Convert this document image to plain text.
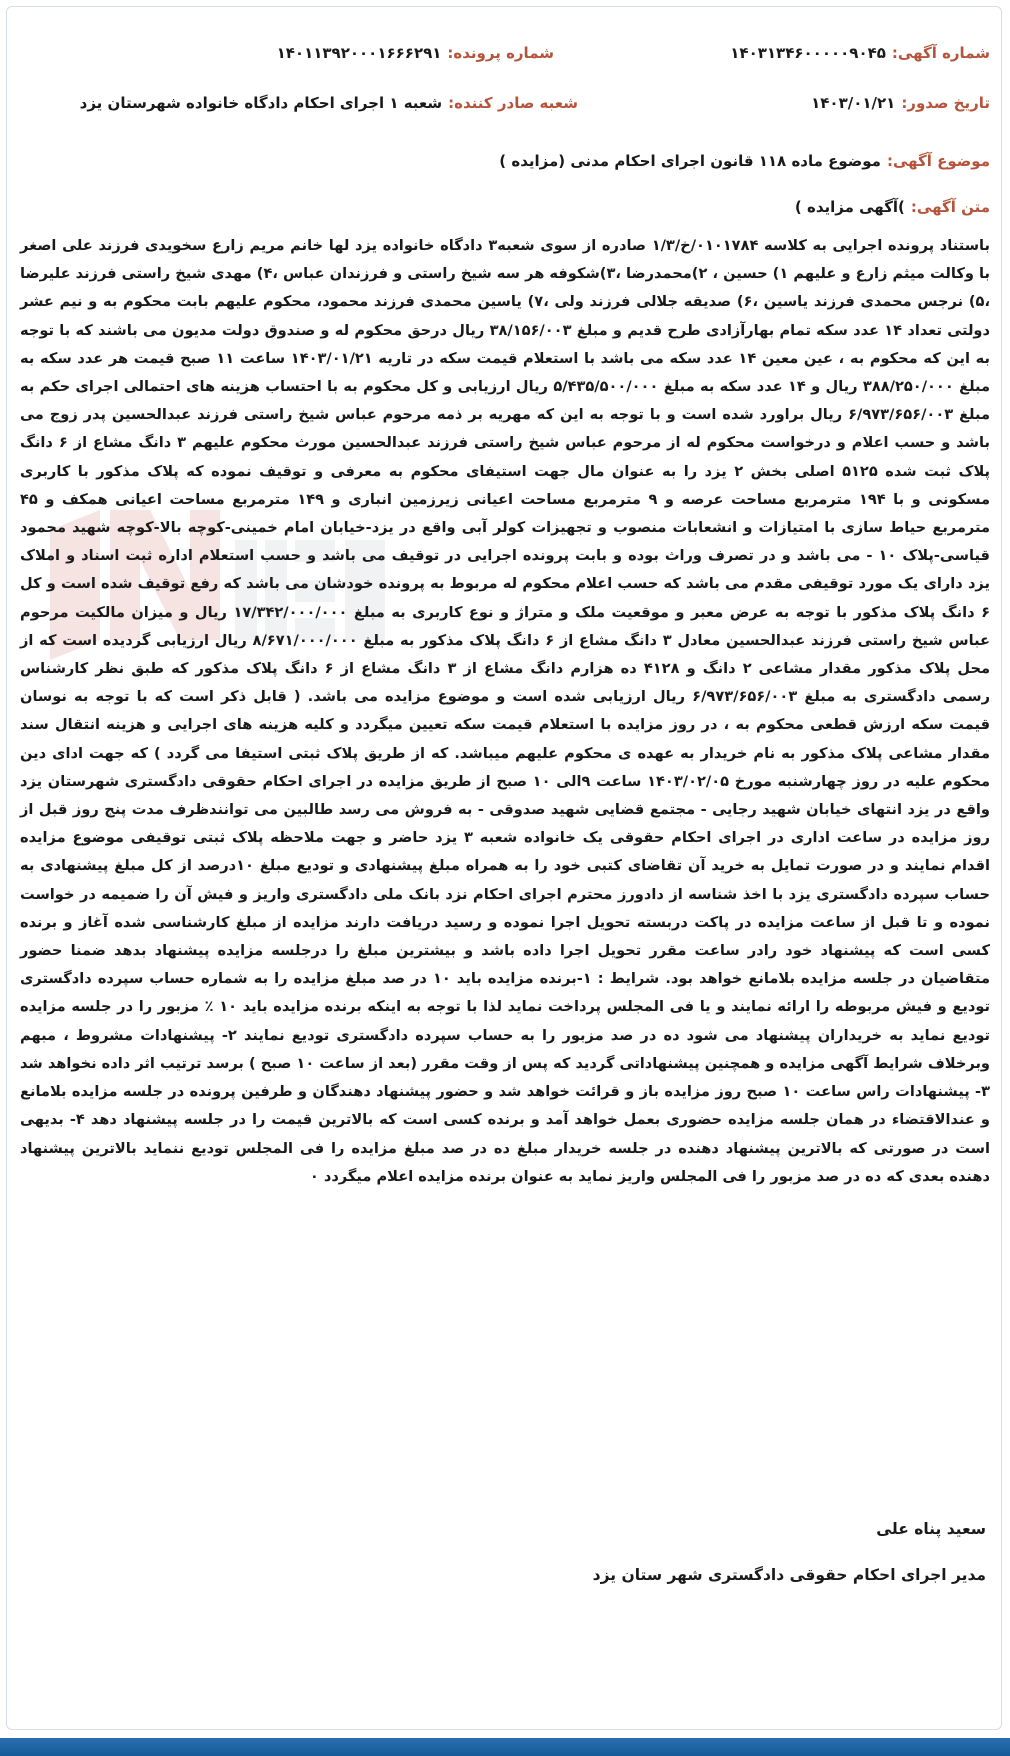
شماره آگهی:۱۴۰۳۱۳۴۶۰۰۰۰۰۹۰۴۵
شماره پرونده:۱۴۰۱۱۳۹۲۰۰۰۱۶۶۶۲۹۱
تاریخ صدور:۱۴۰۳/۰۱/۲۱
شعبه صادر کننده:شعبه ۱ اجرای احکام دادگاه خانواده شهرستان یزد
موضوع آگهی:موضوع ماده ۱۱۸ قانون اجرای احکام مدنی (مزایده )
متن آگهی:)آگهی مزایده )
باستناد پرونده اجرایی به کلاسه ۰۱۰۱۷۸۴/خ/۱/۳ صادره از سوی شعبه۳ دادگاه خانواده یزد لها خانم مریم زارع سخویدی فرزند علی اصغر با وکالت میثم زارع و علیهم ۱) حسین ، ۲)محمدرضا ،۳)شکوفه هر سه شیخ راستی و فرزندان عباس ،۴) مهدی شیخ راستی فرزند علیرضا ،۵) نرجس محمدی فرزند یاسین ،۶) صدیقه جلالی فرزند ولی ،۷) یاسین محمدی فرزند محمود، محکوم علیهم بابت محکوم به و نیم عشر دولتی تعداد ۱۴ عدد سکه تمام بهارآزادی طرح قدیم و مبلغ ۳۸/۱۵۶/۰۰۳ ریال درحق محکوم له و صندوق دولت مدیون می باشند که با توجه به این که محکوم به ، عین معین ۱۴ عدد سکه می باشد با استعلام قیمت سکه در تاریه ۱۴۰۳/۰۱/۲۱ ساعت ۱۱ صبح قیمت هر عدد سکه به مبلغ ۳۸۸/۲۵۰/۰۰۰ ریال و ۱۴ عدد سکه به مبلغ ۵/۴۳۵/۵۰۰/۰۰۰ ریال ارزیابی و کل محکوم به با احتساب هزینه های احتمالی اجرای حکم به مبلغ ۶/۹۷۳/۶۵۶/۰۰۳ ریال براورد شده است و با توجه به این که مهریه بر ذمه مرحوم عباس شیخ راستی فرزند عبدالحسین پدر زوج می باشد و حسب اعلام و درخواست محکوم له از مرحوم عباس شیخ راستی فرزند عبدالحسین مورث محکوم علیهم ۳ دانگ مشاع از ۶ دانگ پلاک ثبت شده ۵۱۲۵ اصلی بخش ۲ یزد را به عنوان مال جهت استیفای محکوم به معرفی و توقیف نموده که پلاک مذکور با کاربری مسکونی و با ۱۹۴ مترمربع مساحت عرصه و ۹ مترمربع مساحت اعیانی زیرزمین انباری و ۱۴۹ مترمربع مساحت اعیانی همکف و ۴۵ مترمربع حیاط سازی با امتیازات و انشعابات منصوب و تجهیزات کولر آبی واقع در یزد-خیابان امام خمینی-کوچه بالا-کوچه شهید محمود قیاسی-پلاک ۱۰ - می باشد و در تصرف وراث بوده و بابت پرونده اجرایی در توقیف می باشد و حسب استعلام اداره ثبت اسناد و املاک یزد دارای یک مورد توقیفی مقدم می باشد که حسب اعلام محکوم له مربوط به پرونده خودشان می باشد که رفع توقیف شده است و کل ۶ دانگ پلاک مذکور با توجه به عرض معبر و موقعیت ملک و متراژ و نوع کاربری به مبلغ ۱۷/۳۴۲/۰۰۰/۰۰۰ ریال و میزان مالکیت مرحوم عباس شیخ راستی فرزند عبدالحسین معادل ۳ دانگ مشاع از ۶ دانگ پلاک مذکور به مبلغ ۸/۶۷۱/۰۰۰/۰۰۰ ریال ارزیابی گردیده است که از محل پلاک مذکور مقدار مشاعی ۲ دانگ و ۴۱۲۸ ده هزارم دانگ مشاع از ۳ دانگ مشاع از ۶ دانگ پلاک مذکور که طبق نظر کارشناس رسمی دادگستری به مبلغ ۶/۹۷۳/۶۵۶/۰۰۳ ریال ارزیابی شده است و موضوع مزایده می باشد. ( قابل ذکر است که با توجه به نوسان قیمت سکه ارزش قطعی محکوم به ، در روز مزایده با استعلام قیمت سکه تعیین میگردد و کلیه هزینه های اجرایی و هزینه انتقال سند مقدار مشاعی پلاک مذکور به نام خریدار به عهده ی محکوم علیهم میباشد. که از طریق پلاک ثبتی استیفا می گردد ) که جهت ادای دین محکوم علیه در روز چهارشنبه مورخ ۱۴۰۳/۰۲/۰۵ ساعت ۹الی ۱۰ صبح از طریق مزایده در اجرای احکام حقوقی دادگستری شهرستان یزد واقع در یزد انتهای خیابان شهید رجایی - مجتمع قضایی شهید صدوقی - به فروش می رسد طالبین می توانندظرف مدت پنج روز قبل از روز مزایده در ساعت اداری در اجرای احکام حقوقی یک خانواده شعبه ۳ یزد حاضر و جهت ملاحظه پلاک ثبتی توقیفی موضوع مزایده اقدام نمایند و در صورت تمایل به خرید آن تقاضای کتبی خود را به همراه مبلغ پیشنهادی و تودیع مبلغ ۱۰درصد از کل مبلغ پیشنهادی به حساب سپرده دادگستری یزد با اخذ شناسه از دادورز محترم اجرای احکام نزد بانک ملی دادگستری واریز و فیش آن را ضمیمه در خواست نموده و تا قبل از ساعت مزایده در پاکت دربسته تحویل اجرا نموده و رسید دریافت دارند مزایده از مبلغ کارشناسی شده آغاز و برنده کسی است که پیشنهاد خود رادر ساعت مقرر تحویل اجرا داده باشد و بیشترین مبلغ را درجلسه مزایده پیشنهاد بدهد ضمنا حضور متقاضیان در جلسه مزایده بلامانع خواهد بود. شرایط : ۱-برنده مزایده باید ۱۰ در صد مبلغ مزایده را به شماره حساب سپرده دادگستری تودیع و فیش مربوطه را ارائه نمایند و یا فی المجلس پرداخت نماید لذا با توجه به اینکه برنده مزایده باید ۱۰ ٪ مزبور را در جلسه مزایده تودیع نماید به خریداران پیشنهاد می شود ده در صد مزبور را به حساب سپرده دادگستری تودیع نمایند ۲- پیشنهادات مشروط ، مبهم وبرخلاف شرایط آگهی مزایده و همچنین پیشنهاداتی گردید که پس از وقت مقرر (بعد از ساعت ۱۰ صبح ) برسد ترتیب اثر داده نخواهد شد ۳- پیشنهادات راس ساعت ۱۰ صبح روز مزایده باز و قرائت خواهد شد و حضور پیشنهاد دهندگان و طرفین پرونده در جلسه مزایده بلامانع و عندالاقتضاء در همان جلسه مزایده حضوری بعمل خواهد آمد و برنده کسی است که بالاترین قیمت را در جلسه پیشنهاد دهد ۴- بدیهی است در صورتی که بالاترین پیشنهاد دهنده در جلسه خریدار مبلغ ده در صد مبلغ مزایده را فی المجلس تودیع ننماید بالاترین پیشنهاد دهنده بعدی که ده در صد مزبور را فی المجلس واریز نماید به عنوان برنده مزایده اعلام میگردد ۰
سعید پناه علی
مدیر اجرای احکام حقوقی دادگستری شهر ستان یزد
